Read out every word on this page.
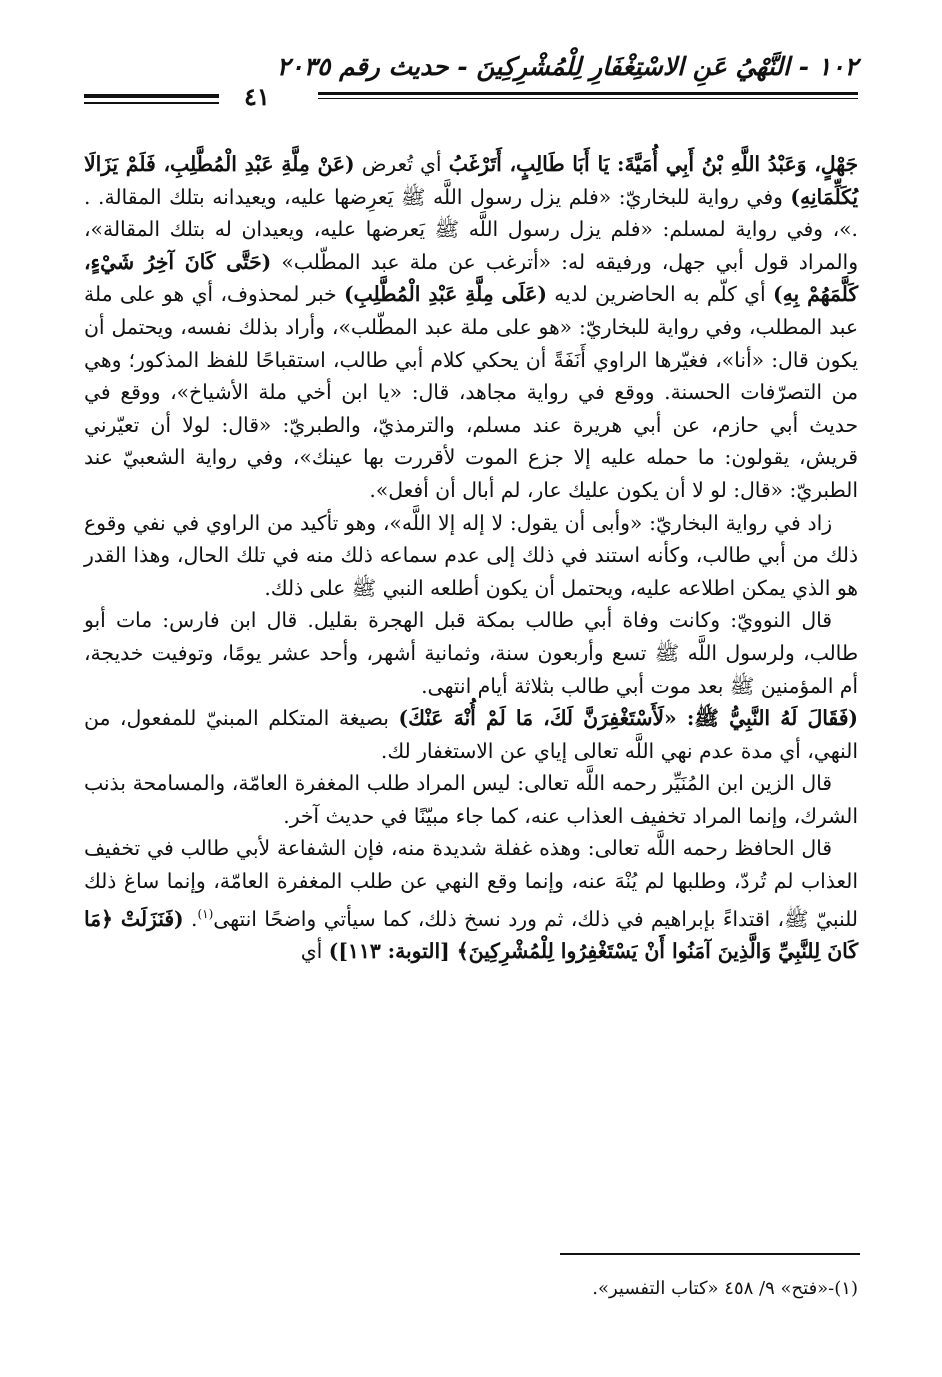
١٠٢ - النَّهْيُ عَنِ الاسْتِغْفَارِ لِلْمُشْرِكِينَ - حديث رقم ٢٠٣٥
٤١

جَهْلٍ، وَعَبْدُ اللَّهِ بْنُ أَبِي أُمَيَّةَ: يَا أَبَا طَالِبٍ، أَتَرْغَبُ أي تُعرض (عَنْ مِلَّةِ عَبْدِ الْمُطَّلِبِ، فَلَمْ يَزَالَا يُكَلِّمَانِهِ) وفي رواية للبخاريّ: «فلم يزل رسول اللَّه ﷺ يَعرِضها عليه، ويعيدانه بتلك المقالة. . .»، وفي رواية لمسلم: «فلم يزل رسول اللَّه ﷺ يَعرضها عليه، ويعيدان له بتلك المقالة»، والمراد قول أبي جهل، ورفيقه له: «أترغب عن ملة عبد المطّلب» (حَتَّى كَانَ آخِرُ شَيْءٍ، كَلَّمَهُمْ بِهِ) أي كلّم به الحاضرين لديه (عَلَى مِلَّةِ عَبْدِ الْمُطَّلِبِ) خبر لمحذوف، أي هو على ملة عبد المطلب، وفي رواية للبخاريّ: «هو على ملة عبد المطّلب»، وأراد بذلك نفسه، ويحتمل أن يكون قال: «أنا»، فغيّرها الراوي أَنَفَةً أن يحكي كلام أبي طالب، استقباحًا للفظ المذكور؛ وهي من التصرّفات الحسنة. ووقع في رواية مجاهد، قال: «يا ابن أخي ملة الأشياخ»، ووقع في حديث أبي حازم، عن أبي هريرة عند مسلم، والترمذيّ، والطبريّ: «قال: لولا أن تعيّرني قريش، يقولون: ما حمله عليه إلا جزع الموت لأقررت بها عينك»، وفي رواية الشعبيّ عند الطبريّ: «قال: لو لا أن يكون عليك عار، لم أبال أن أفعل».

زاد في رواية البخاريّ: «وأبى أن يقول: لا إله إلا اللَّه»، وهو تأكيد من الراوي في نفي وقوع ذلك من أبي طالب، وكأنه استند في ذلك إلى عدم سماعه ذلك منه في تلك الحال، وهذا القدر هو الذي يمكن اطلاعه عليه، ويحتمل أن يكون أطلعه النبي ﷺ على ذلك.

قال النوويّ: وكانت وفاة أبي طالب بمكة قبل الهجرة بقليل. قال ابن فارس: مات أبو طالب، ولرسول اللَّه ﷺ تسع وأربعون سنة، وثمانية أشهر، وأحد عشر يومًا، وتوفيت خديجة، أم المؤمنين ﷺ بعد موت أبي طالب بثلاثة أيام انتهى.

(فَقَالَ لَهُ النَّبِيُّ ﷺ: «لَأَسْتَغْفِرَنَّ لَكَ، مَا لَمْ أُنْهَ عَنْكَ) بصيغة المتكلم المبنيّ للمفعول، من النهي، أي مدة عدم نهي اللَّه تعالى إياي عن الاستغفار لك.

قال الزين ابن المُنَيِّر رحمه اللَّه تعالى: ليس المراد طلب المغفرة العامّة، والمسامحة بذنب الشرك، وإنما المراد تخفيف العذاب عنه، كما جاء مبيّنًا في حديث آخر.

قال الحافظ رحمه اللَّه تعالى: وهذه غفلة شديدة منه، فإن الشفاعة لأبي طالب في تخفيف العذاب لم تُردّ، وطلبها لم يُنْهَ عنه، وإنما وقع النهي عن طلب المغفرة العامّة، وإنما ساغ ذلك للنبيّ ﷺ، اقتداءً بإبراهيم في ذلك، ثم ورد نسخ ذلك، كما سيأتي واضحًا انتهى$^{(١)}$. (فَنَزَلَتْ ﴿مَا كَانَ لِلنَّبِيِّ وَالَّذِينَ آمَنُوا أَنْ يَسْتَغْفِرُوا لِلْمُشْرِكِينَ﴾ [التوبة: ١١٣]) أي

(١)-«فتح» ٩/ ٤٥٨ «كتاب التفسير».
